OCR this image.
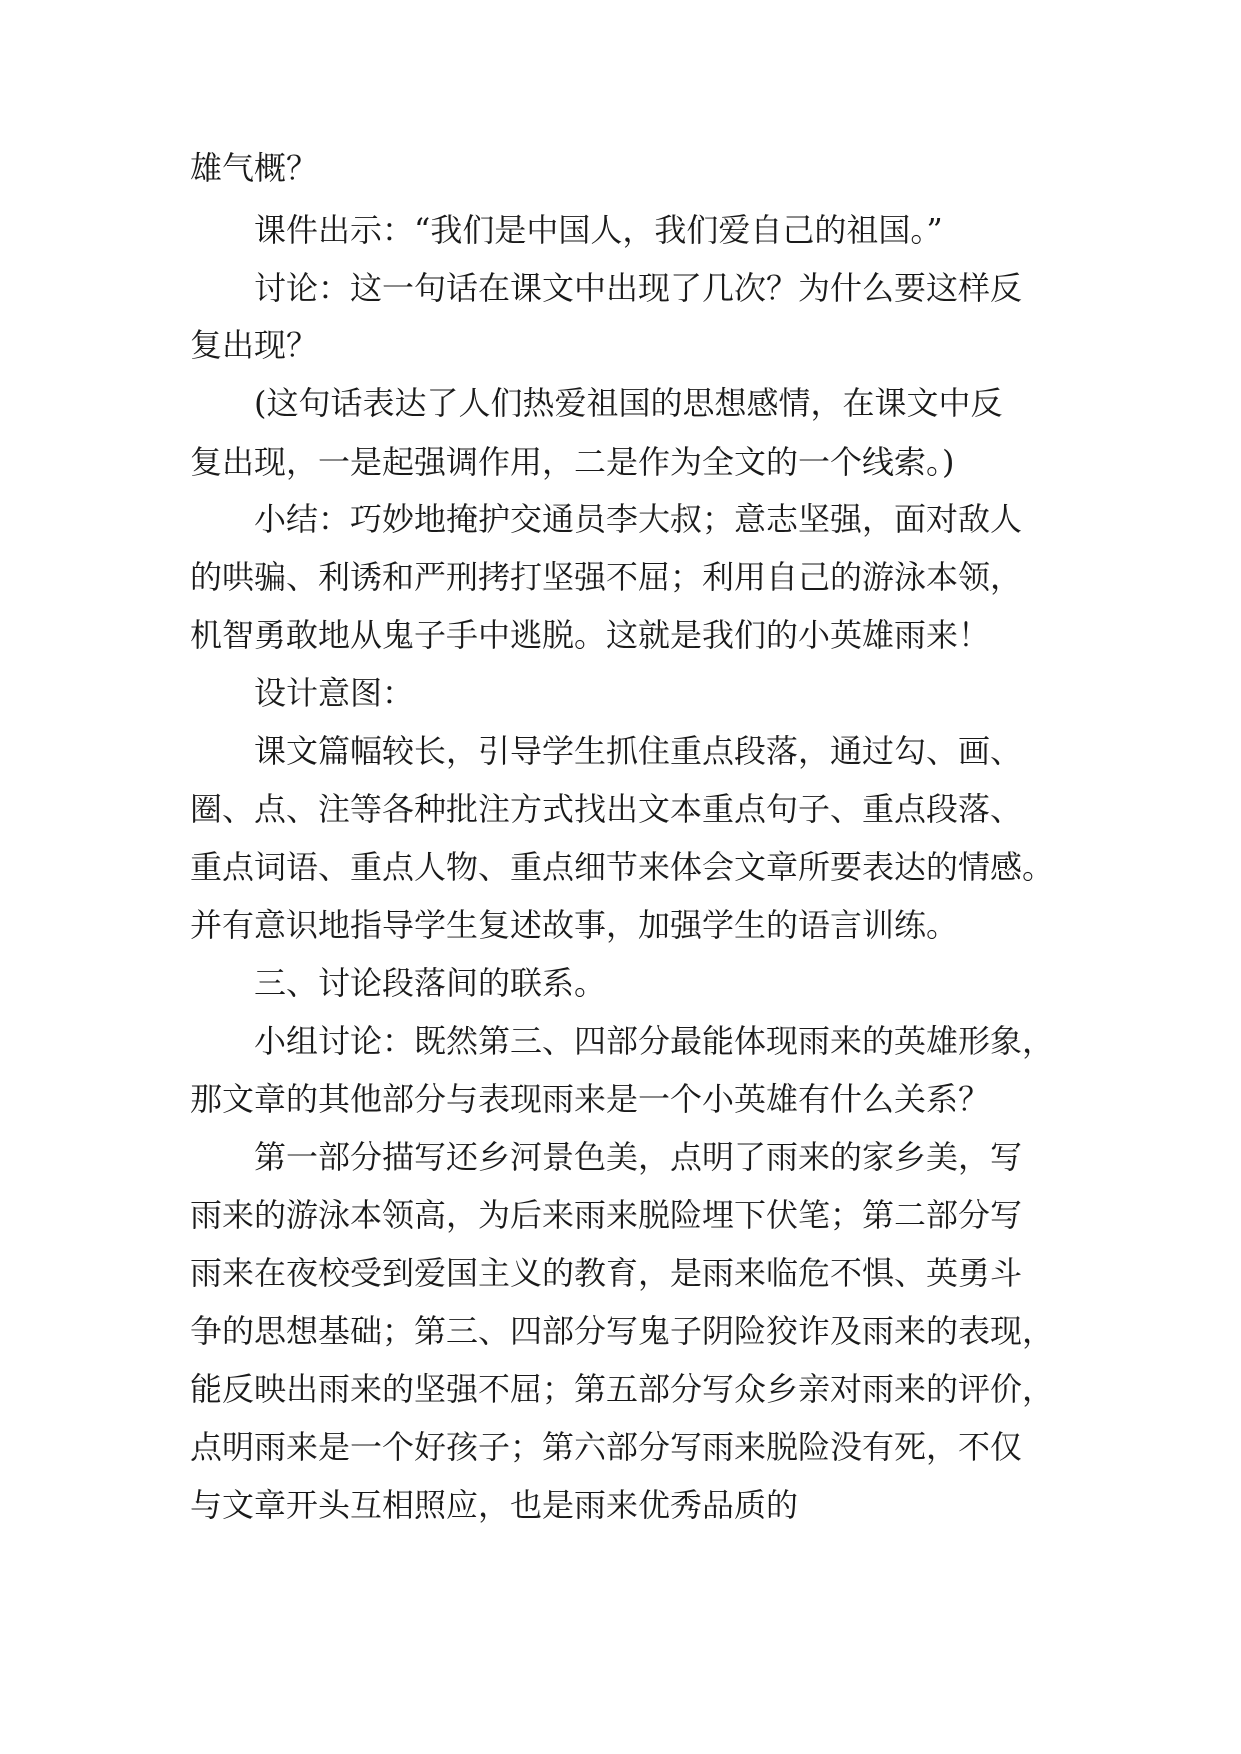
雄气概？
课件出示：“我们是中国人，我们爱自己的祖国。”
讨论：这一句话在课文中出现了几次？为什么要这样反
复出现？
(这句话表达了人们热爱祖国的思想感情，在课文中反
复出现，一是起强调作用，二是作为全文的一个线索。)
小结：巧妙地掩护交通员李大叔；意志坚强，面对敌人
的哄骗、利诱和严刑拷打坚强不屈；利用自己的游泳本领，
机智勇敢地从鬼子手中逃脱。这就是我们的小英雄雨来！
设计意图：
课文篇幅较长，引导学生抓住重点段落，通过勾、画、
圈、点、注等各种批注方式找出文本重点句子、重点段落、
重点词语、重点人物、重点细节来体会文章所要表达的情感。
并有意识地指导学生复述故事，加强学生的语言训练。
三、讨论段落间的联系。
小组讨论：既然第三、四部分最能体现雨来的英雄形象，
那文章的其他部分与表现雨来是一个小英雄有什么关系？
第一部分描写还乡河景色美，点明了雨来的家乡美，写
雨来的游泳本领高，为后来雨来脱险埋下伏笔；第二部分写
雨来在夜校受到爱国主义的教育，是雨来临危不惧、英勇斗
争的思想基础；第三、四部分写鬼子阴险狡诈及雨来的表现，
能反映出雨来的坚强不屈；第五部分写众乡亲对雨来的评价，
点明雨来是一个好孩子；第六部分写雨来脱险没有死，不仅
与文章开头互相照应，也是雨来优秀品质的
